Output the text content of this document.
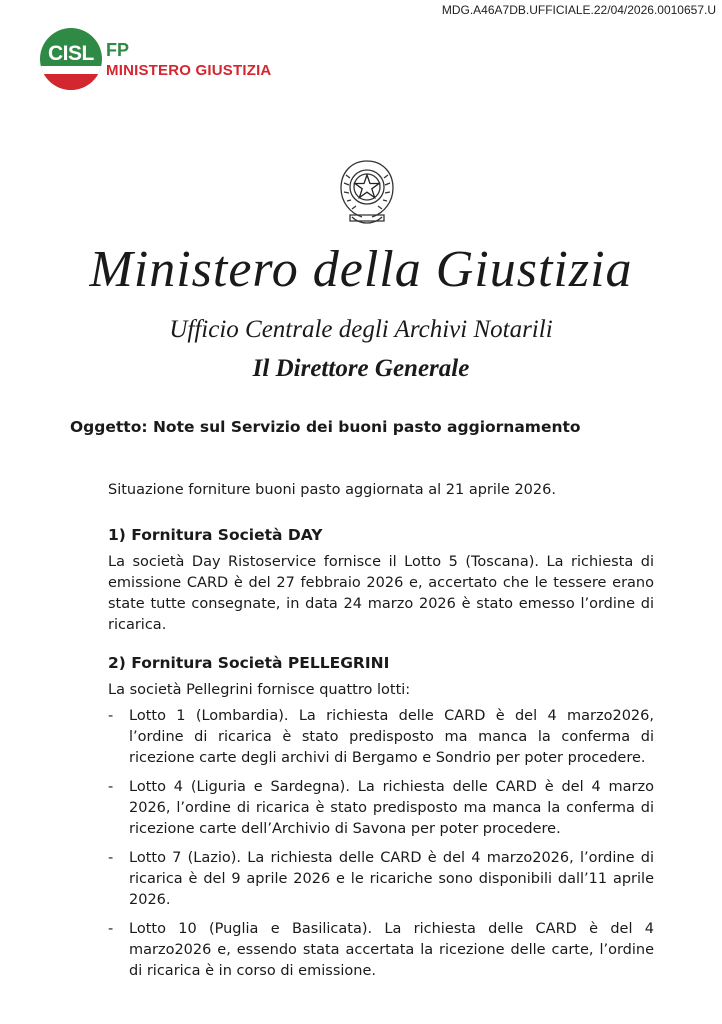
MDG.A46A7DB.UFFICIALE.22/04/2026.0010657.U
CISL FP
MINISTERO GIUSTIZIA
Ministero della Giustizia
Ufficio Centrale degli Archivi Notarili
Il Direttore Generale
Oggetto: Note sul Servizio dei buoni pasto aggiornamento
Situazione forniture buoni pasto aggiornata al 21 aprile 2026.
1) Fornitura Società DAY
La società Day Ristoservice fornisce il Lotto 5 (Toscana). La richiesta di emissione CARD è del 27 febbraio 2026 e, accertato che le tessere erano state tutte consegnate, in data 24 marzo 2026 è stato emesso l’ordine di ricarica.
2) Fornitura Società PELLEGRINI
La società Pellegrini fornisce quattro lotti:
- Lotto 1 (Lombardia). La richiesta delle CARD è del 4 marzo2026, l’ordine di ricarica è stato predisposto ma manca la conferma di ricezione carte degli archivi di Bergamo e Sondrio per poter procedere.
- Lotto 4 (Liguria e Sardegna). La richiesta delle CARD è del 4 marzo 2026, l’ordine di ricarica è stato predisposto ma manca la conferma di ricezione carte dell’Archivio di Savona per poter procedere.
- Lotto 7 (Lazio). La richiesta delle CARD è del 4 marzo2026, l’ordine di ricarica è del 9 aprile 2026 e le ricariche sono disponibili dall’11 aprile 2026.
- Lotto 10 (Puglia e Basilicata). La richiesta delle CARD è del 4 marzo2026 e, essendo stata accertata la ricezione delle carte, l’ordine di ricarica è in corso di emissione.
